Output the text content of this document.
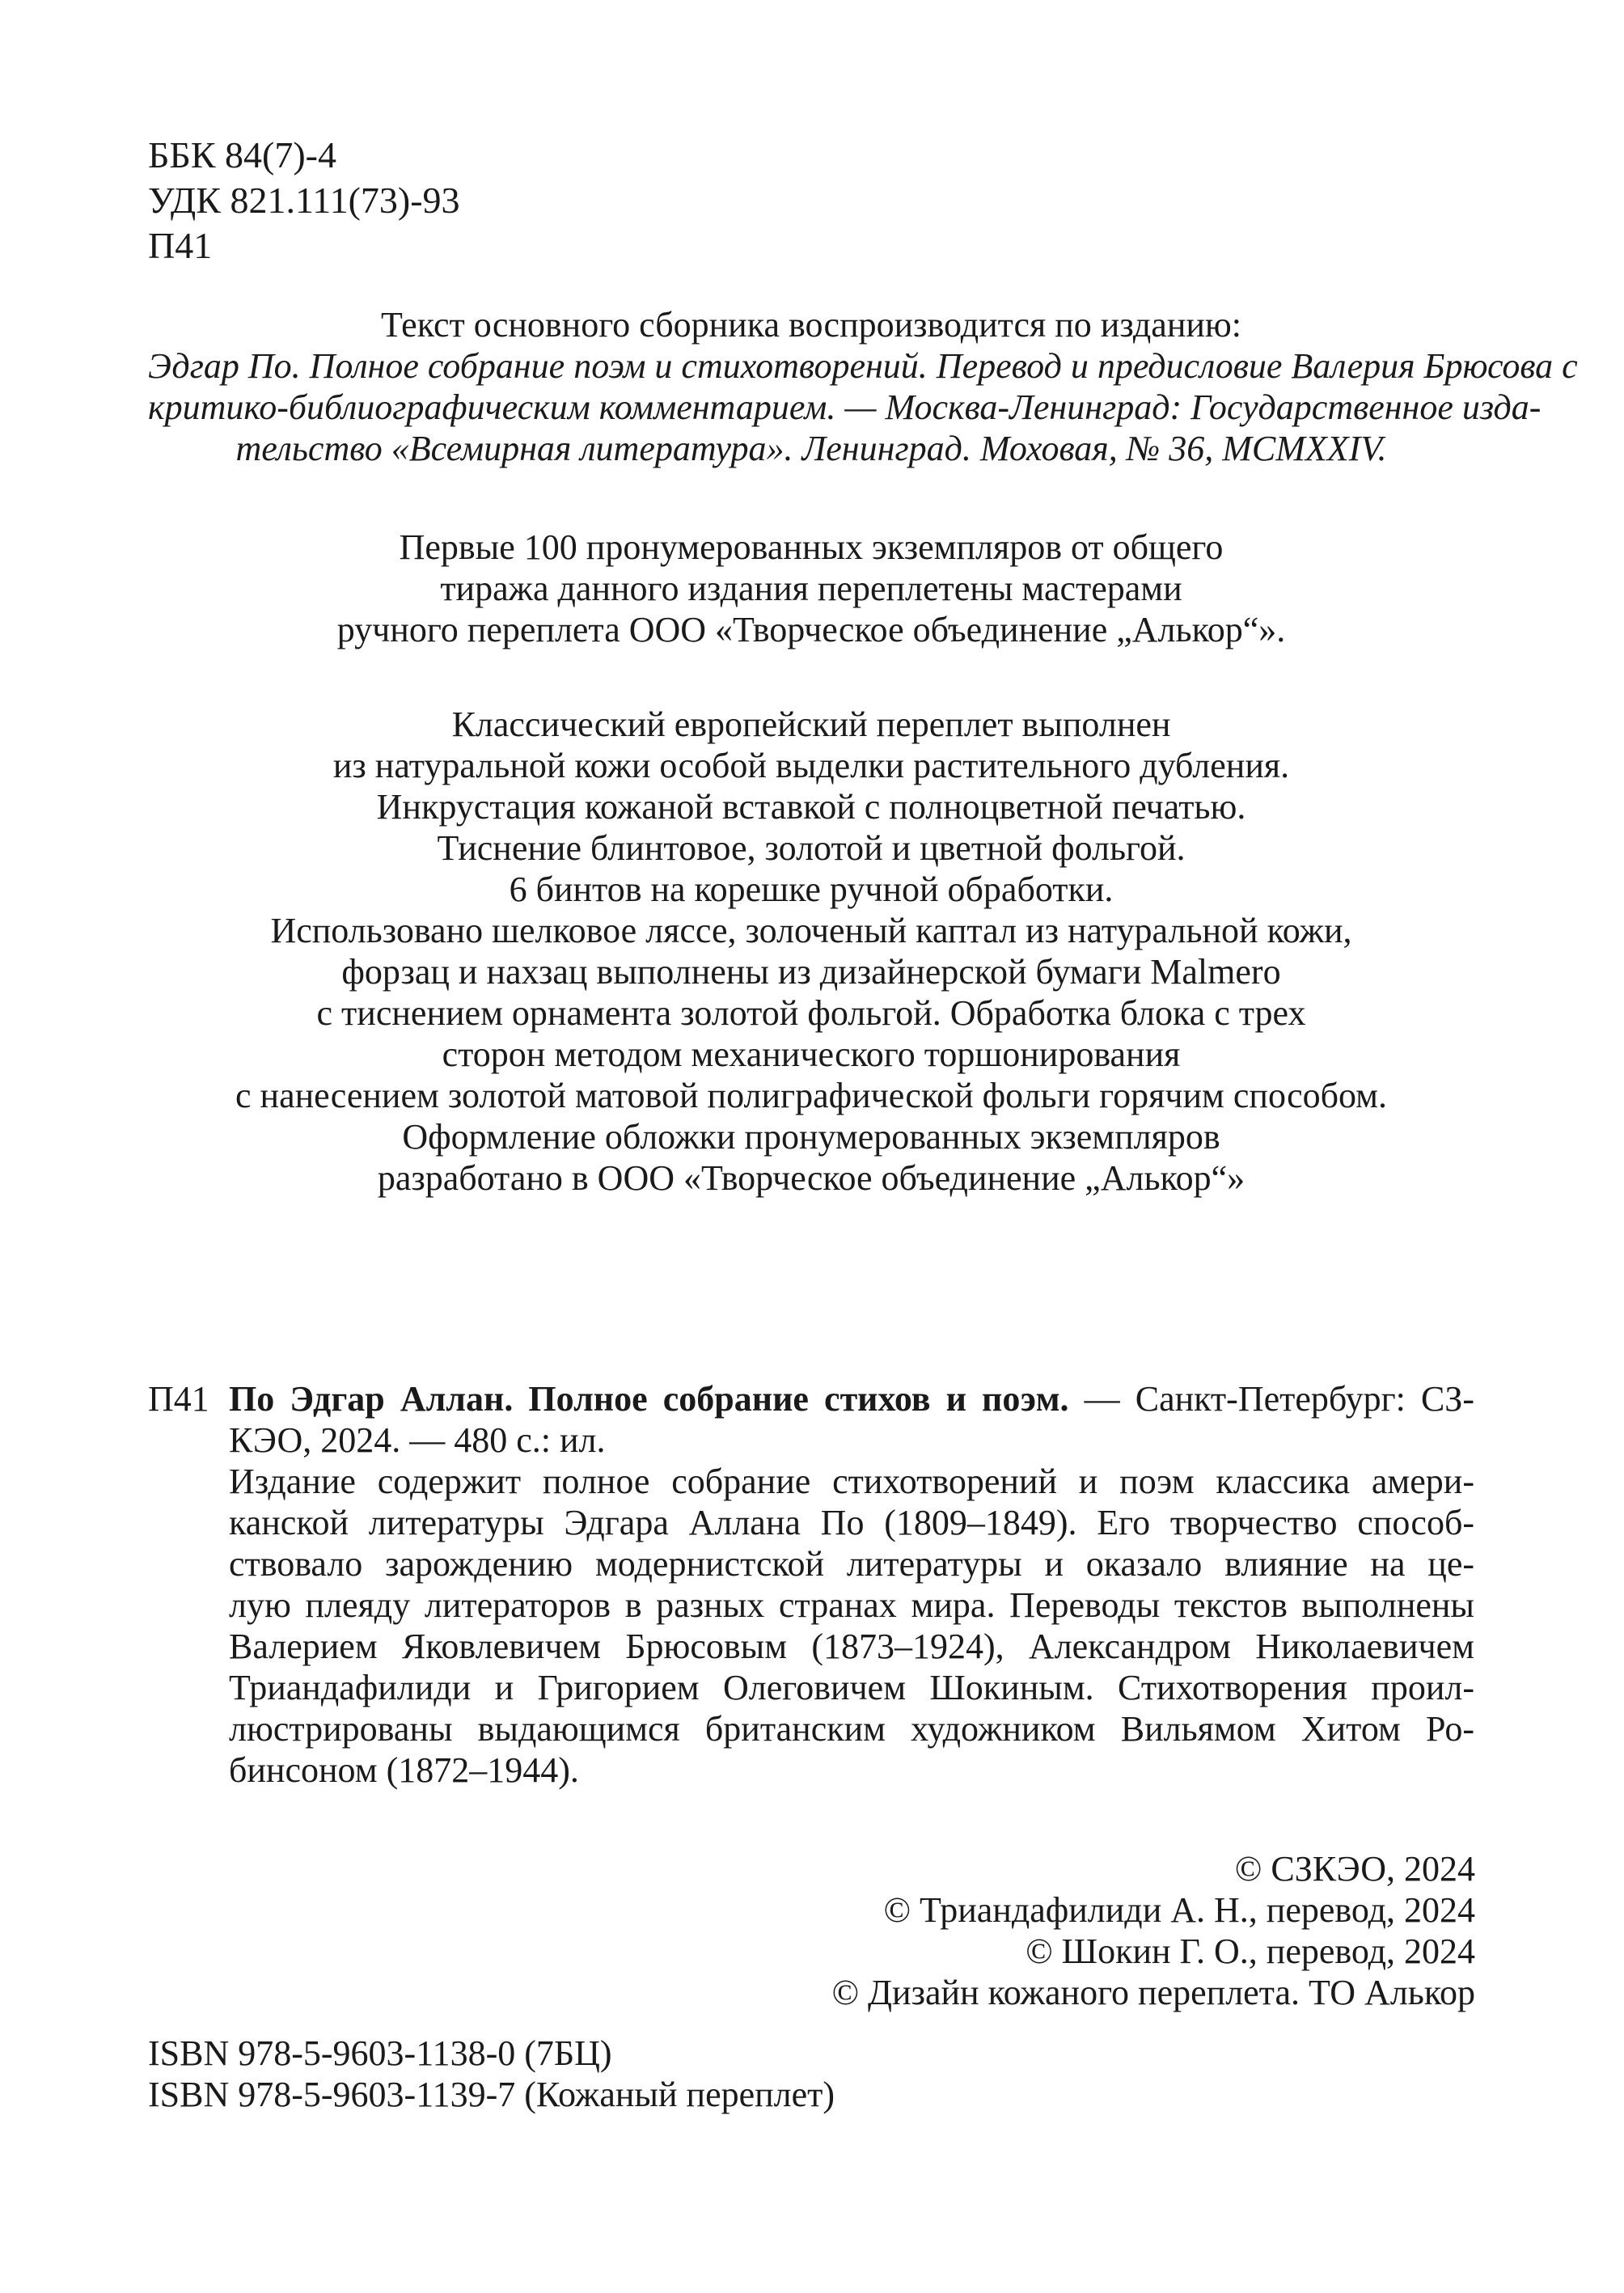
ББК 84(7)-4
УДК 821.111(73)-93
П41
Текст основного сборника воспроизводится по изданию:
Эдгар По. Полное собрание поэм и стихотворений. Перевод и предисловие Валерия Брюсова с
критико-библиографическим комментарием. — Москва-Ленинград: Государственное изда-
тельство «Всемирная литература». Ленинград. Моховая, № 36, MCMXXIV.
Первые 100 пронумерованных экземпляров от общего
тиража данного издания переплетены мастерами
ручного переплета ООО «Творческое объединение „Алькор“».
Классический европейский переплет выполнен
из натуральной кожи особой выделки растительного дубления.
Инкрустация кожаной вставкой с полноцветной печатью.
Тиснение блинтовое, золотой и цветной фольгой.
6 бинтов на корешке ручной обработки.
Использовано шелковое ляссе, золоченый каптал из натуральной кожи,
форзац и нахзац выполнены из дизайнерской бумаги Malmero
с тиснением орнамента золотой фольгой. Обработка блока с трех
сторон методом механического торшонирования
с нанесением золотой матовой полиграфической фольги горячим способом.
Оформление обложки пронумерованных экземпляров
разработано в ООО «Творческое объединение „Алькор“»
П41 По Эдгар Аллан. Полное собрание стихов и поэм. — Санкт-Петербург: СЗ-
КЭО, 2024. — 480 с.: ил.
Издание содержит полное собрание стихотворений и поэм классика амери-
канской литературы Эдгара Аллана По (1809–1849). Его творчество способ-
ствовало зарождению модернистской литературы и оказало влияние на це-
лую плеяду литераторов в разных странах мира. Переводы текстов выполнены
Валерием Яковлевичем Брюсовым (1873–1924), Александром Николаевичем
Триандафилиди и Григорием Олеговичем Шокиным. Стихотворения проил-
люстрированы выдающимся британским художником Вильямом Хитом Ро-
бинсоном (1872–1944).
© СЗКЭО, 2024
© Триандафилиди А. Н., перевод, 2024
© Шокин Г. О., перевод, 2024
© Дизайн кожаного переплета. ТО Алькор
ISBN 978-5-9603-1138-0 (7БЦ)
ISBN 978-5-9603-1139-7 (Кожаный переплет)
